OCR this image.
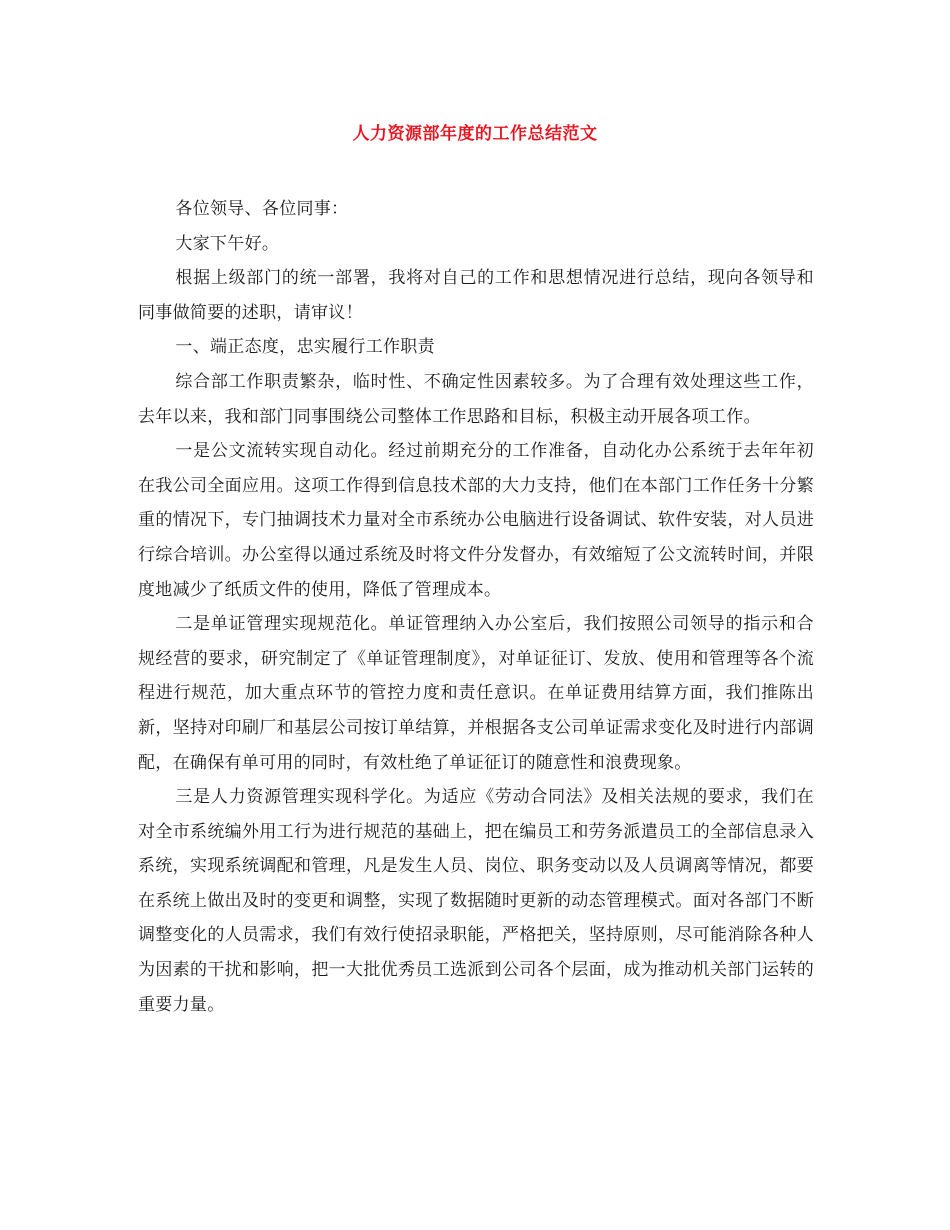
人力资源部年度的工作总结范文

各位领导、各位同事：

大家下午好。

根据上级部门的统一部署，我将对自己的工作和思想情况进行总结，现向各领导和同事做简要的述职，请审议！

一、端正态度，忠实履行工作职责

综合部工作职责繁杂，临时性、不确定性因素较多。为了合理有效处理这些工作，去年以来，我和部门同事围绕公司整体工作思路和目标，积极主动开展各项工作。

一是公文流转实现自动化。经过前期充分的工作准备，自动化办公系统于去年年初在我公司全面应用。这项工作得到信息技术部的大力支持，他们在本部门工作任务十分繁重的情况下，专门抽调技术力量对全市系统办公电脑进行设备调试、软件安装，对人员进行综合培训。办公室得以通过系统及时将文件分发督办，有效缩短了公文流转时间，并限度地减少了纸质文件的使用，降低了管理成本。

二是单证管理实现规范化。单证管理纳入办公室后，我们按照公司领导的指示和合规经营的要求，研究制定了《单证管理制度》，对单证征订、发放、使用和管理等各个流程进行规范，加大重点环节的管控力度和责任意识。在单证费用结算方面，我们推陈出新，坚持对印刷厂和基层公司按订单结算，并根据各支公司单证需求变化及时进行内部调配，在确保有单可用的同时，有效杜绝了单证征订的随意性和浪费现象。

三是人力资源管理实现科学化。为适应《劳动合同法》及相关法规的要求，我们在对全市系统编外用工行为进行规范的基础上，把在编员工和劳务派遣员工的全部信息录入系统，实现系统调配和管理，凡是发生人员、岗位、职务变动以及人员调离等情况，都要在系统上做出及时的变更和调整，实现了数据随时更新的动态管理模式。面对各部门不断调整变化的人员需求，我们有效行使招录职能，严格把关，坚持原则，尽可能消除各种人为因素的干扰和影响，把一大批优秀员工选派到公司各个层面，成为推动机关部门运转的重要力量。
